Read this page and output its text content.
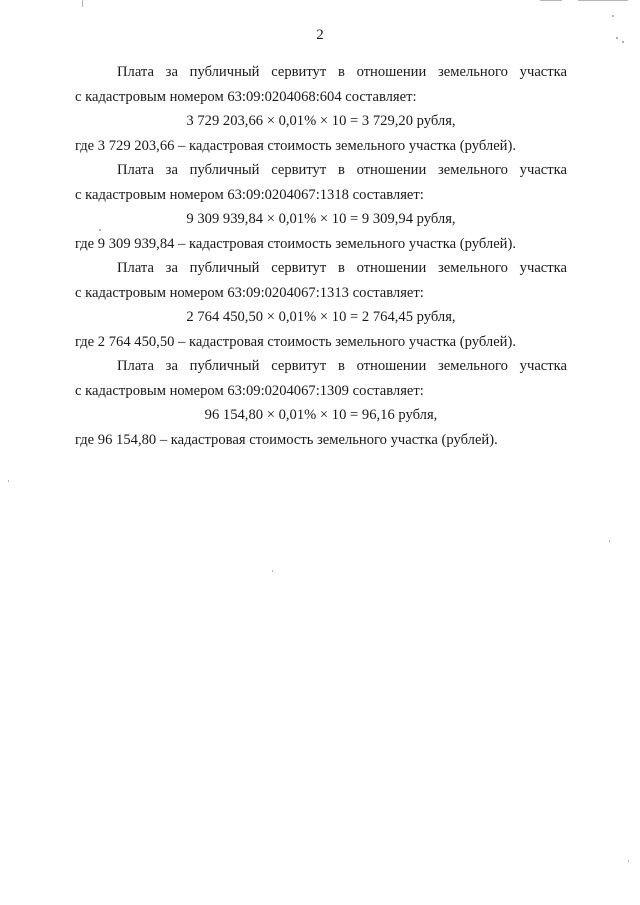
2
Плата за публичный сервитут в отношении земельного участка
с кадастровым номером 63:09:0204068:604 составляет:
3 729 203,66 × 0,01% × 10 = 3 729,20 рубля,
где 3 729 203,66 – кадастровая стоимость земельного участка (рублей).
Плата за публичный сервитут в отношении земельного участка
с кадастровым номером 63:09:0204067:1318 составляет:
9 309 939,84 × 0,01% × 10 = 9 309,94 рубля,
где 9 309 939,84 – кадастровая стоимость земельного участка (рублей).
Плата за публичный сервитут в отношении земельного участка
с кадастровым номером 63:09:0204067:1313 составляет:
2 764 450,50 × 0,01% × 10 = 2 764,45 рубля,
где 2 764 450,50 – кадастровая стоимость земельного участка (рублей).
Плата за публичный сервитут в отношении земельного участка
с кадастровым номером 63:09:0204067:1309 составляет:
96 154,80 × 0,01% × 10 = 96,16 рубля,
где 96 154,80 – кадастровая стоимость земельного участка (рублей).
